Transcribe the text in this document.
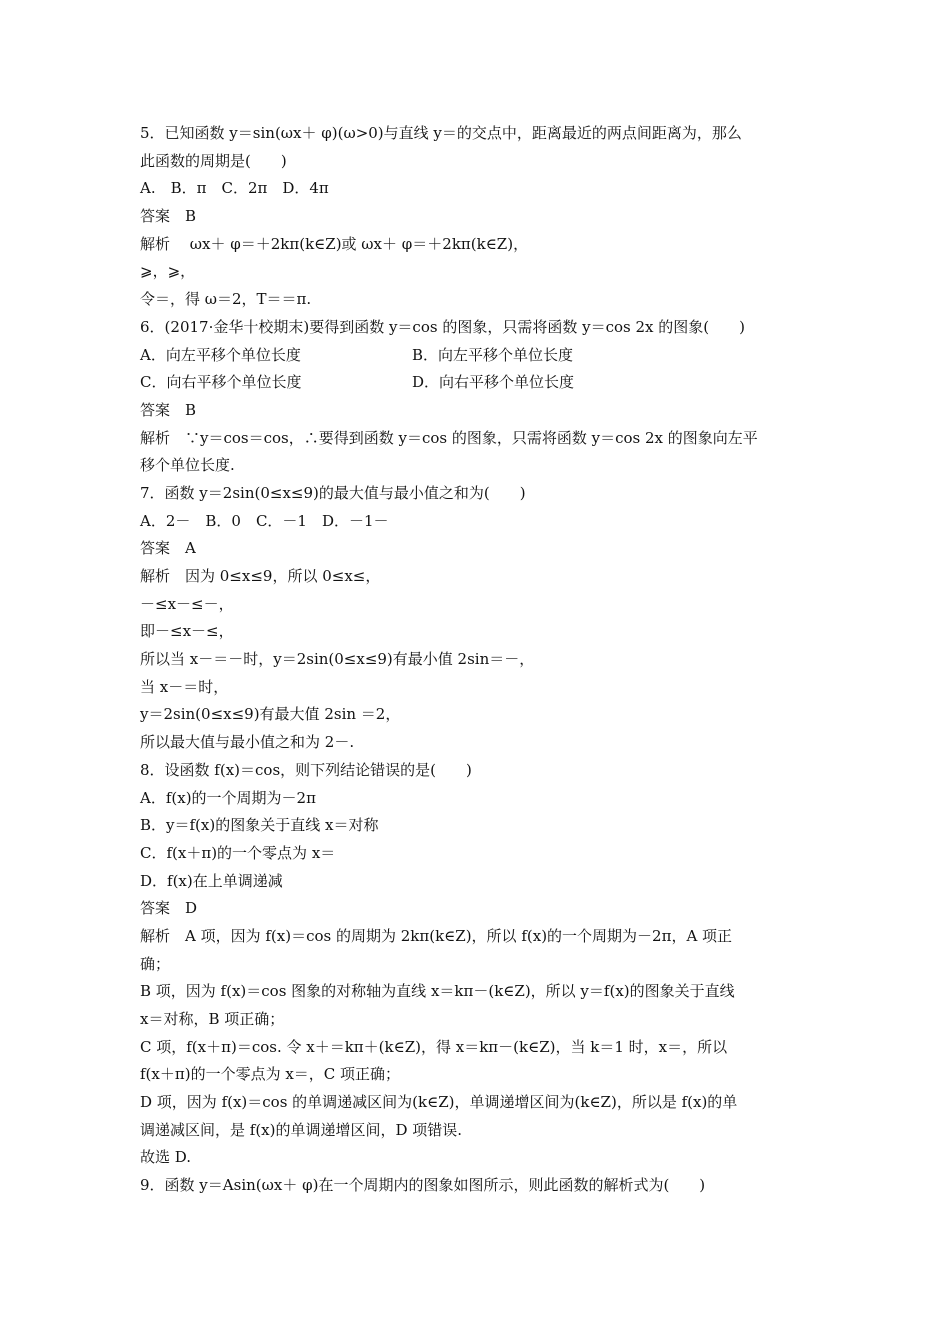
5．已知函数 y＝sin(ωx＋ φ)(ω>0)与直线 y＝的交点中，距离最近的两点间距离为，那么
此函数的周期是(　　)
A.　B．π　C．2π　D．4π
答案　B
解析　 ωx＋ φ＝＋2kπ(k∈Z)或 ωx＋ φ＝＋2kπ(k∈Z)，
⩾，⩾，
令＝，得 ω＝2，T＝＝π.
6．(2017·金华十校期末)要得到函数 y＝cos 的图象，只需将函数 y＝cos 2x 的图象(　　)
A．向左平移个单位长度	B．向左平移个单位长度
C．向右平移个单位长度	D．向右平移个单位长度
答案　B
解析　∵y＝cos＝cos，∴要得到函数 y＝cos 的图象，只需将函数 y＝cos 2x 的图象向左平
移个单位长度.
7．函数 y＝2sin(0≤x≤9)的最大值与最小值之和为(　　)
A．2－　B．0　C．－1　D．－1－
答案　A
解析　因为 0≤x≤9，所以 0≤x≤，
－≤x－≤－，
即－≤x－≤，
所以当 x－＝－时，y＝2sin(0≤x≤9)有最小值 2sin＝－，
当 x－＝时，
y＝2sin(0≤x≤9)有最大值 2sin ＝2，
所以最大值与最小值之和为 2－.
8．设函数 f(x)＝cos，则下列结论错误的是(　　)
A．f(x)的一个周期为－2π
B．y＝f(x)的图象关于直线 x＝对称
C．f(x＋π)的一个零点为 x＝
D．f(x)在上单调递减
答案　D
解析　A 项，因为 f(x)＝cos 的周期为 2kπ(k∈Z)，所以 f(x)的一个周期为－2π，A 项正
确；
B 项，因为 f(x)＝cos 图象的对称轴为直线 x＝kπ－(k∈Z)，所以 y＝f(x)的图象关于直线
x＝对称，B 项正确；
C 项，f(x＋π)＝cos. 令 x＋＝kπ＋(k∈Z)，得 x＝kπ－(k∈Z)，当 k＝1 时，x＝，所以
f(x＋π)的一个零点为 x＝，C 项正确；
D 项，因为 f(x)＝cos 的单调递减区间为(k∈Z)，单调递增区间为(k∈Z)，所以是 f(x)的单
调递减区间，是 f(x)的单调递增区间，D 项错误.
故选 D.
9．函数 y＝Asin(ωx＋ φ)在一个周期内的图象如图所示，则此函数的解析式为(　　)
